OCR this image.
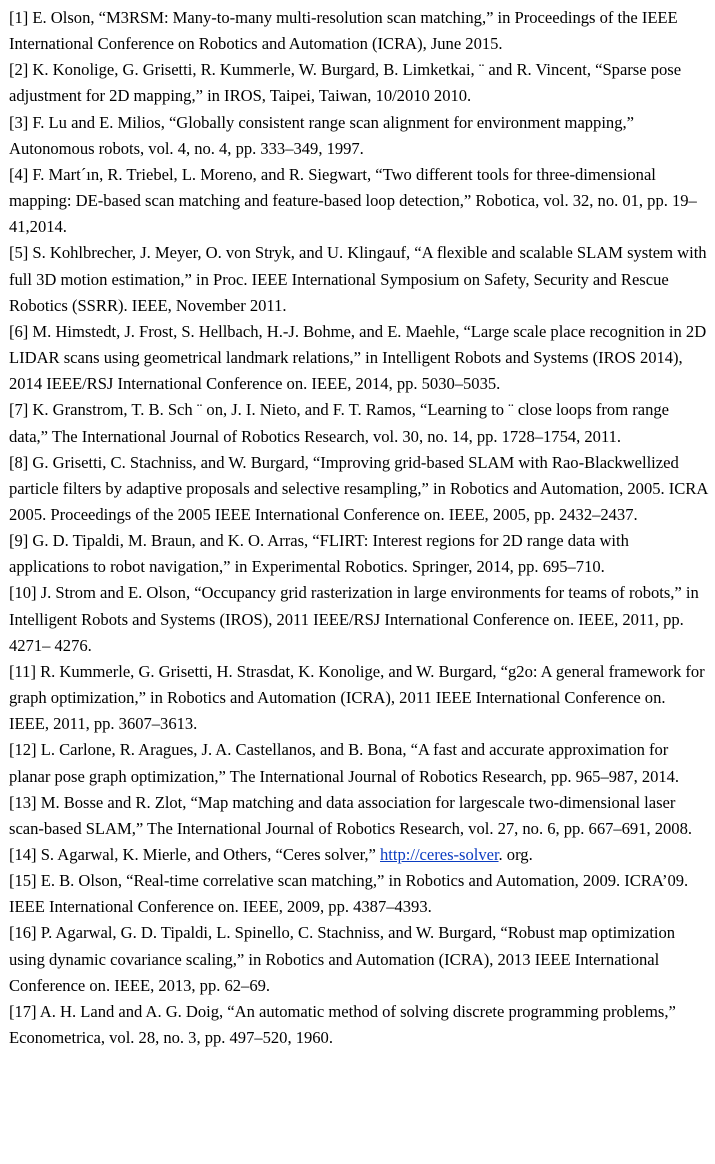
[1] E. Olson, “M3RSM: Many-to-many multi-resolution scan matching,” in Proceedings of the IEEE International Conference on Robotics and Automation (ICRA), June 2015.

[2] K. Konolige, G. Grisetti, R. Kummerle, W. Burgard, B. Limketkai, ¨ and R. Vincent, “Sparse pose adjustment for 2D mapping,” in IROS, Taipei, Taiwan, 10/2010 2010.

[3] F. Lu and E. Milios, “Globally consistent range scan alignment for environment mapping,” Autonomous robots, vol. 4, no. 4, pp. 333–349, 1997.

[4] F. Mart´ın, R. Triebel, L. Moreno, and R. Siegwart, “Two different tools for three-dimensional mapping: DE-based scan matching and feature-based loop detection,” Robotica, vol. 32, no. 01, pp. 19–41,2014.

[5] S. Kohlbrecher, J. Meyer, O. von Stryk, and U. Klingauf, “A flexible and scalable SLAM system with full 3D motion estimation,” in Proc. IEEE International Symposium on Safety, Security and Rescue Robotics (SSRR). IEEE, November 2011.

[6] M. Himstedt, J. Frost, S. Hellbach, H.-J. Bohme, and E. Maehle, “Large scale place recognition in 2D LIDAR scans using geometrical landmark relations,” in Intelligent Robots and Systems (IROS 2014), 2014 IEEE/RSJ International Conference on. IEEE, 2014, pp. 5030–5035.

[7] K. Granstrom, T. B. Sch ¨ on, J. I. Nieto, and F. T. Ramos, “Learning to ¨ close loops from range data,” The International Journal of Robotics Research, vol. 30, no. 14, pp. 1728–1754, 2011.

[8] G. Grisetti, C. Stachniss, and W. Burgard, “Improving grid-based SLAM with Rao-Blackwellized particle filters by adaptive proposals and selective resampling,” in Robotics and Automation, 2005. ICRA 2005. Proceedings of the 2005 IEEE International Conference on. IEEE, 2005, pp. 2432–2437.

[9] G. D. Tipaldi, M. Braun, and K. O. Arras, “FLIRT: Interest regions for 2D range data with applications to robot navigation,” in Experimental Robotics. Springer, 2014, pp. 695–710.

[10] J. Strom and E. Olson, “Occupancy grid rasterization in large environments for teams of robots,” in Intelligent Robots and Systems (IROS), 2011 IEEE/RSJ International Conference on. IEEE, 2011, pp. 4271– 4276.

[11] R. Kummerle, G. Grisetti, H. Strasdat, K. Konolige, and W. Burgard, “g2o: A general framework for graph optimization,” in Robotics and Automation (ICRA), 2011 IEEE International Conference on. IEEE, 2011, pp. 3607–3613.

[12] L. Carlone, R. Aragues, J. A. Castellanos, and B. Bona, “A fast and accurate approximation for planar pose graph optimization,” The International Journal of Robotics Research, pp. 965–987, 2014.

[13] M. Bosse and R. Zlot, “Map matching and data association for largescale two-dimensional laser scan-based SLAM,” The International Journal of Robotics Research, vol. 27, no. 6, pp. 667–691, 2008.

[14] S. Agarwal, K. Mierle, and Others, “Ceres solver,” http://ceres-solver. org.

[15] E. B. Olson, “Real-time correlative scan matching,” in Robotics and Automation, 2009. ICRA’09. IEEE International Conference on. IEEE, 2009, pp. 4387–4393.

[16] P. Agarwal, G. D. Tipaldi, L. Spinello, C. Stachniss, and W. Burgard, “Robust map optimization using dynamic covariance scaling,” in Robotics and Automation (ICRA), 2013 IEEE International Conference on. IEEE, 2013, pp. 62–69.

[17] A. H. Land and A. G. Doig, “An automatic method of solving discrete programming problems,” Econometrica, vol. 28, no. 3, pp. 497–520, 1960.
